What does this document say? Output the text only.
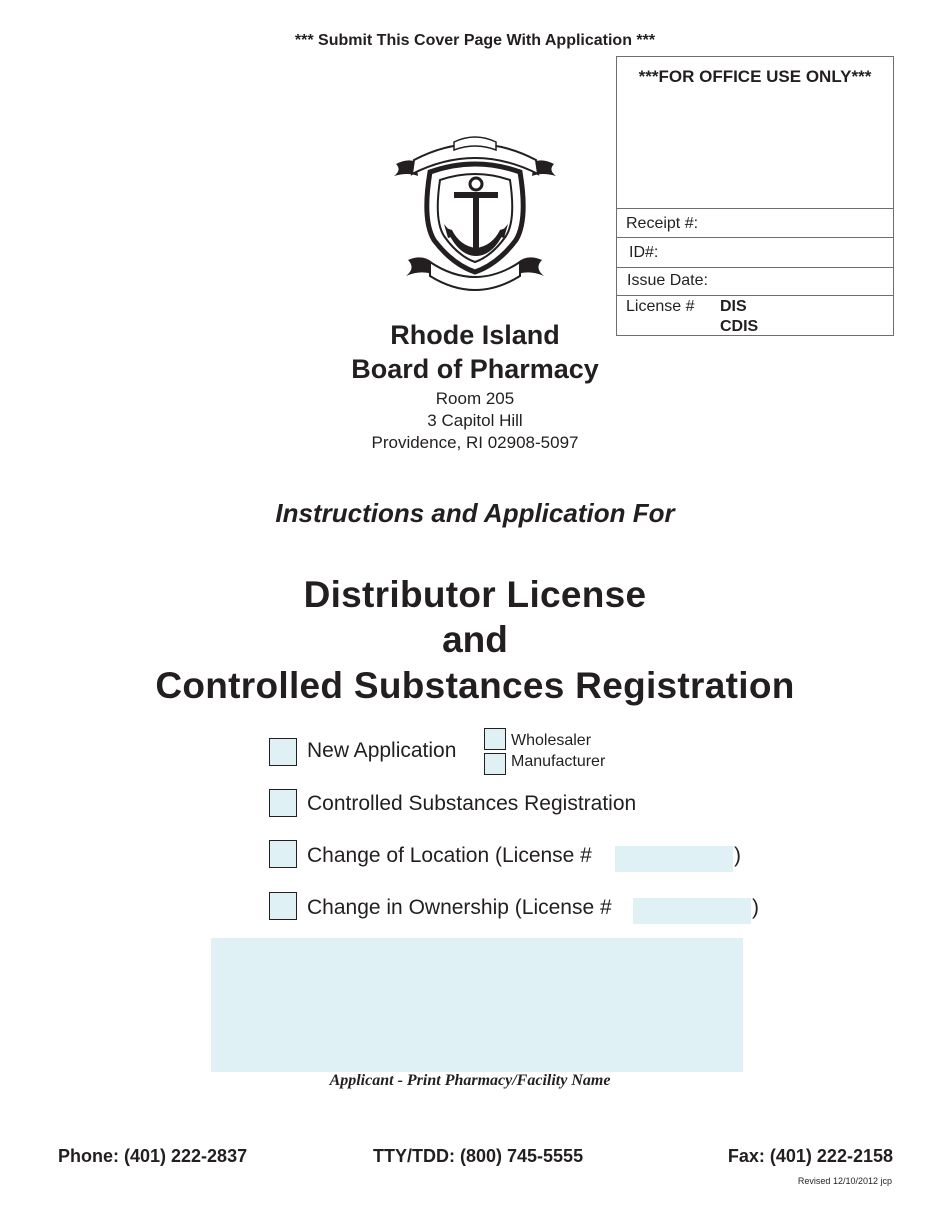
*** Submit This Cover Page With Application ***
***FOR OFFICE USE ONLY***
Receipt #:
ID#:
Issue Date:
License # DIS
CDIS
Rhode Island
Board of Pharmacy
Room 205
3 Capitol Hill
Providence, RI 02908-5097
Instructions and Application For
Distributor License
and
Controlled Substances Registration
New Application	Wholesaler
Manufacturer
Controlled Substances Registration
Change of Location (License #	)
Change in Ownership (License #	)
Applicant - Print Pharmacy/Facility Name
Phone: (401) 222-2837	TTY/TDD: (800) 745-5555	Fax: (401) 222-2158
Revised 12/10/2012 jcp
